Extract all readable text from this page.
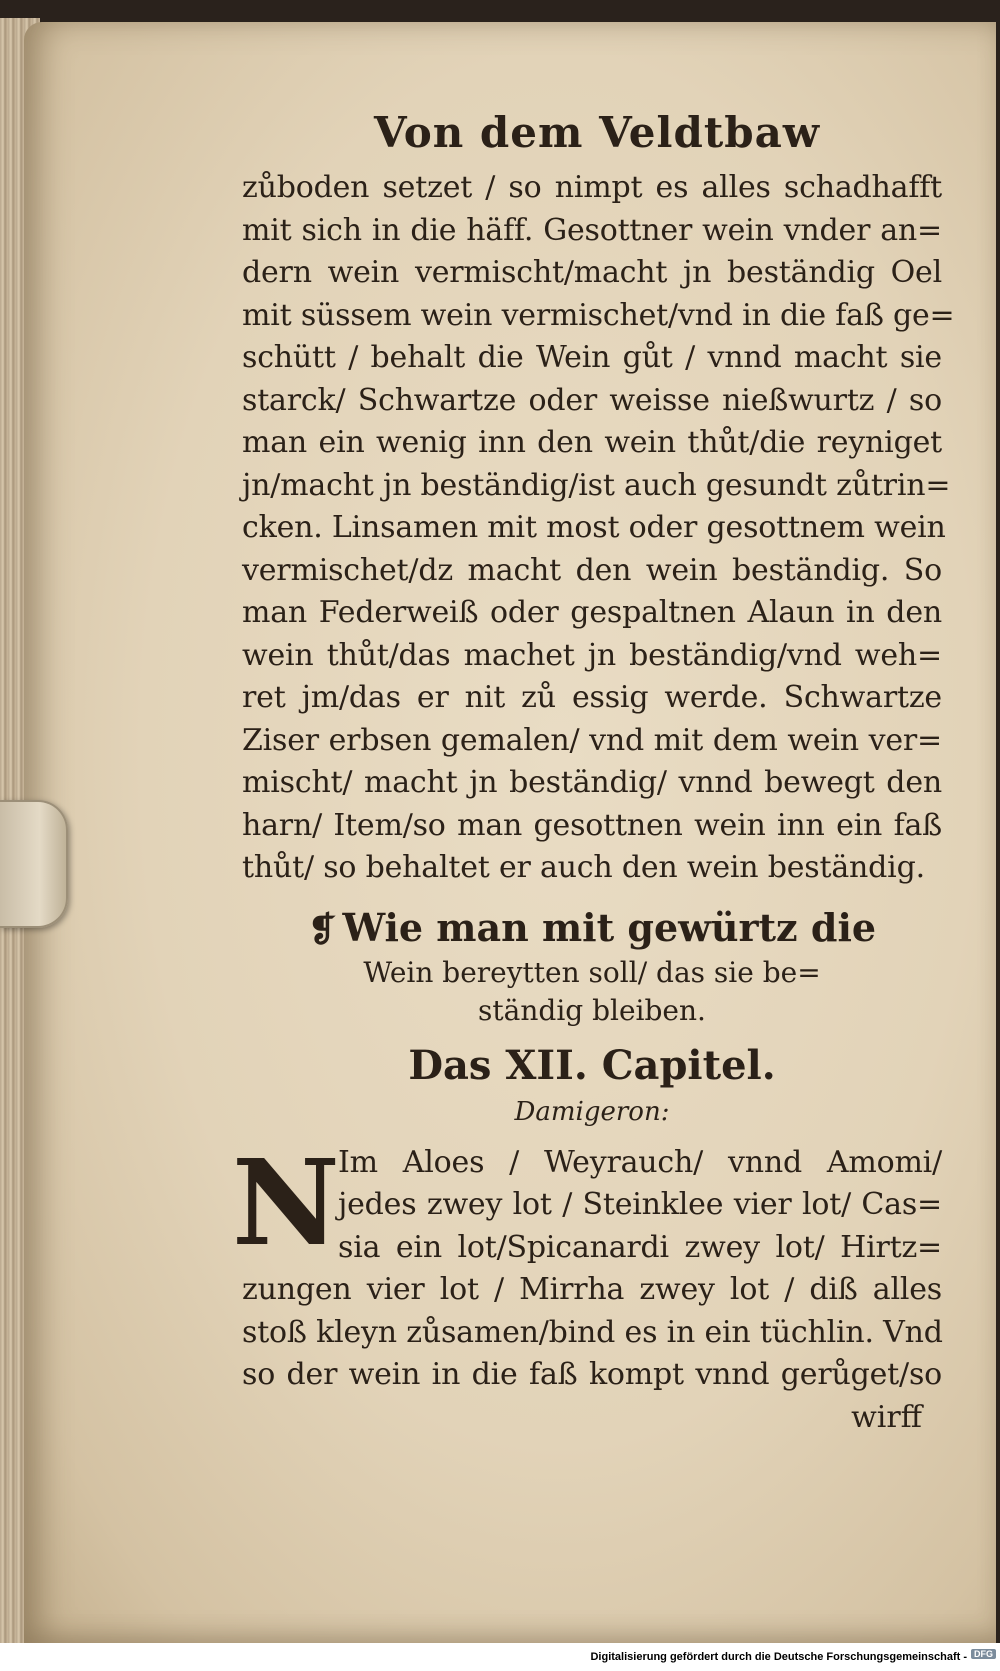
Von dem Veldtbaw
zůboden setzet / so nimpt es alles schadhafft
mit sich in die häff. Gesottner wein vnder an=
dern wein vermischt/macht jn beständig Oel
mit süssem wein vermischet/vnd in die faß ge=
schütt / behalt die Wein gůt / vnnd macht sie
starck/ Schwartze oder weisse nießwurtz / so
man ein wenig inn den wein thůt/die reyniget
jn/macht jn beständig/ist auch gesundt zůtrin=
cken. Linsamen mit most oder gesottnem wein
vermischet/dz macht den wein beständig. So
man Federweiß oder gespaltnen Alaun in den
wein thůt/das machet jn beständig/vnd weh=
ret jm/das er nit zů essig werde. Schwartze
Ziser erbsen gemalen/ vnd mit dem wein ver=
mischt/ macht jn beständig/ vnnd bewegt den
harn/ Item/so man gesottnen wein inn ein faß
thůt/ so behaltet er auch den wein beständig.
❡ Wie man mit gewürtz die
Wein bereytten soll/ das sie be=
ständig bleiben.
Das XII. Capitel.
Damigeron:
N
Im Aloes / Weyrauch/ vnnd Amomi/
jedes zwey lot / Steinklee vier lot/ Cas=
sia ein lot/Spicanardi zwey lot/ Hirtz=
zungen vier lot / Mirrha zwey lot / diß alles
stoß kleyn zůsamen/bind es in ein tüchlin. Vnd
so der wein in die faß kompt vnnd gerůget/so
wirff
Digitalisierung gefördert durch die Deutsche Forschungsgemeinschaft - DFG
